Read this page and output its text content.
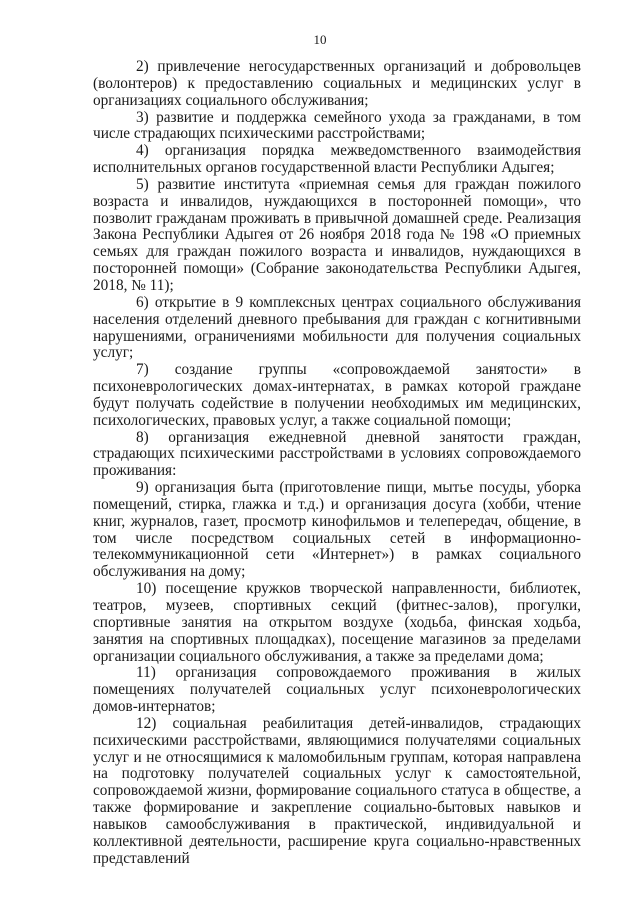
10

2) привлечение негосударственных организаций и добровольцев (волонтеров) к предоставлению социальных и медицинских услуг в организациях социального обслуживания;

3) развитие и поддержка семейного ухода за гражданами, в том числе страдающих психическими расстройствами;

4) организация порядка межведомственного взаимодействия исполнительных органов государственной власти Республики Адыгея;

5) развитие института «приемная семья для граждан пожилого возраста и инвалидов, нуждающихся в посторонней помощи», что позволит гражданам проживать в привычной домашней среде. Реализация Закона Республики Адыгея от 26 ноября 2018 года № 198 «О приемных семьях для граждан пожилого возраста и инвалидов, нуждающихся в посторонней помощи» (Собрание законодательства Республики Адыгея, 2018, № 11);

6) открытие в 9 комплексных центрах социального обслуживания населения отделений дневного пребывания для граждан с когнитивными нарушениями, ограничениями мобильности для получения социальных услуг;

7) создание группы «сопровождаемой занятости» в психоневрологических домах-интернатах, в рамках которой граждане будут получать содействие в получении необходимых им медицинских, психологических, правовых услуг, а также социальной помощи;

8) организация ежедневной дневной занятости граждан, страдающих психическими расстройствами в условиях сопровождаемого проживания:

9) организация быта (приготовление пищи, мытье посуды, уборка помещений, стирка, глажка и т.д.) и организация досуга (хобби, чтение книг, журналов, газет, просмотр кинофильмов и телепередач, общение, в том числе посредством социальных сетей в информационно-телекоммуникационной сети «Интернет») в рамках социального обслуживания на дому;

10) посещение кружков творческой направленности, библиотек, театров, музеев, спортивных секций (фитнес-залов), прогулки, спортивные занятия на открытом воздухе (ходьба, финская ходьба, занятия на спортивных площадках), посещение магазинов за пределами организации социального обслуживания, а также за пределами дома;

11) организация сопровождаемого проживания в жилых помещениях получателей социальных услуг психоневрологических домов-интернатов;

12) социальная реабилитация детей-инвалидов, страдающих психическими расстройствами, являющимися получателями социальных услуг и не относящимися к маломобильным группам, которая направлена на подготовку получателей социальных услуг к самостоятельной, сопровождаемой жизни, формирование социального статуса в обществе, а также формирование и закрепление социально-бытовых навыков и навыков самообслуживания в практической, индивидуальной и коллективной деятельности, расширение круга социально-нравственных представлений
